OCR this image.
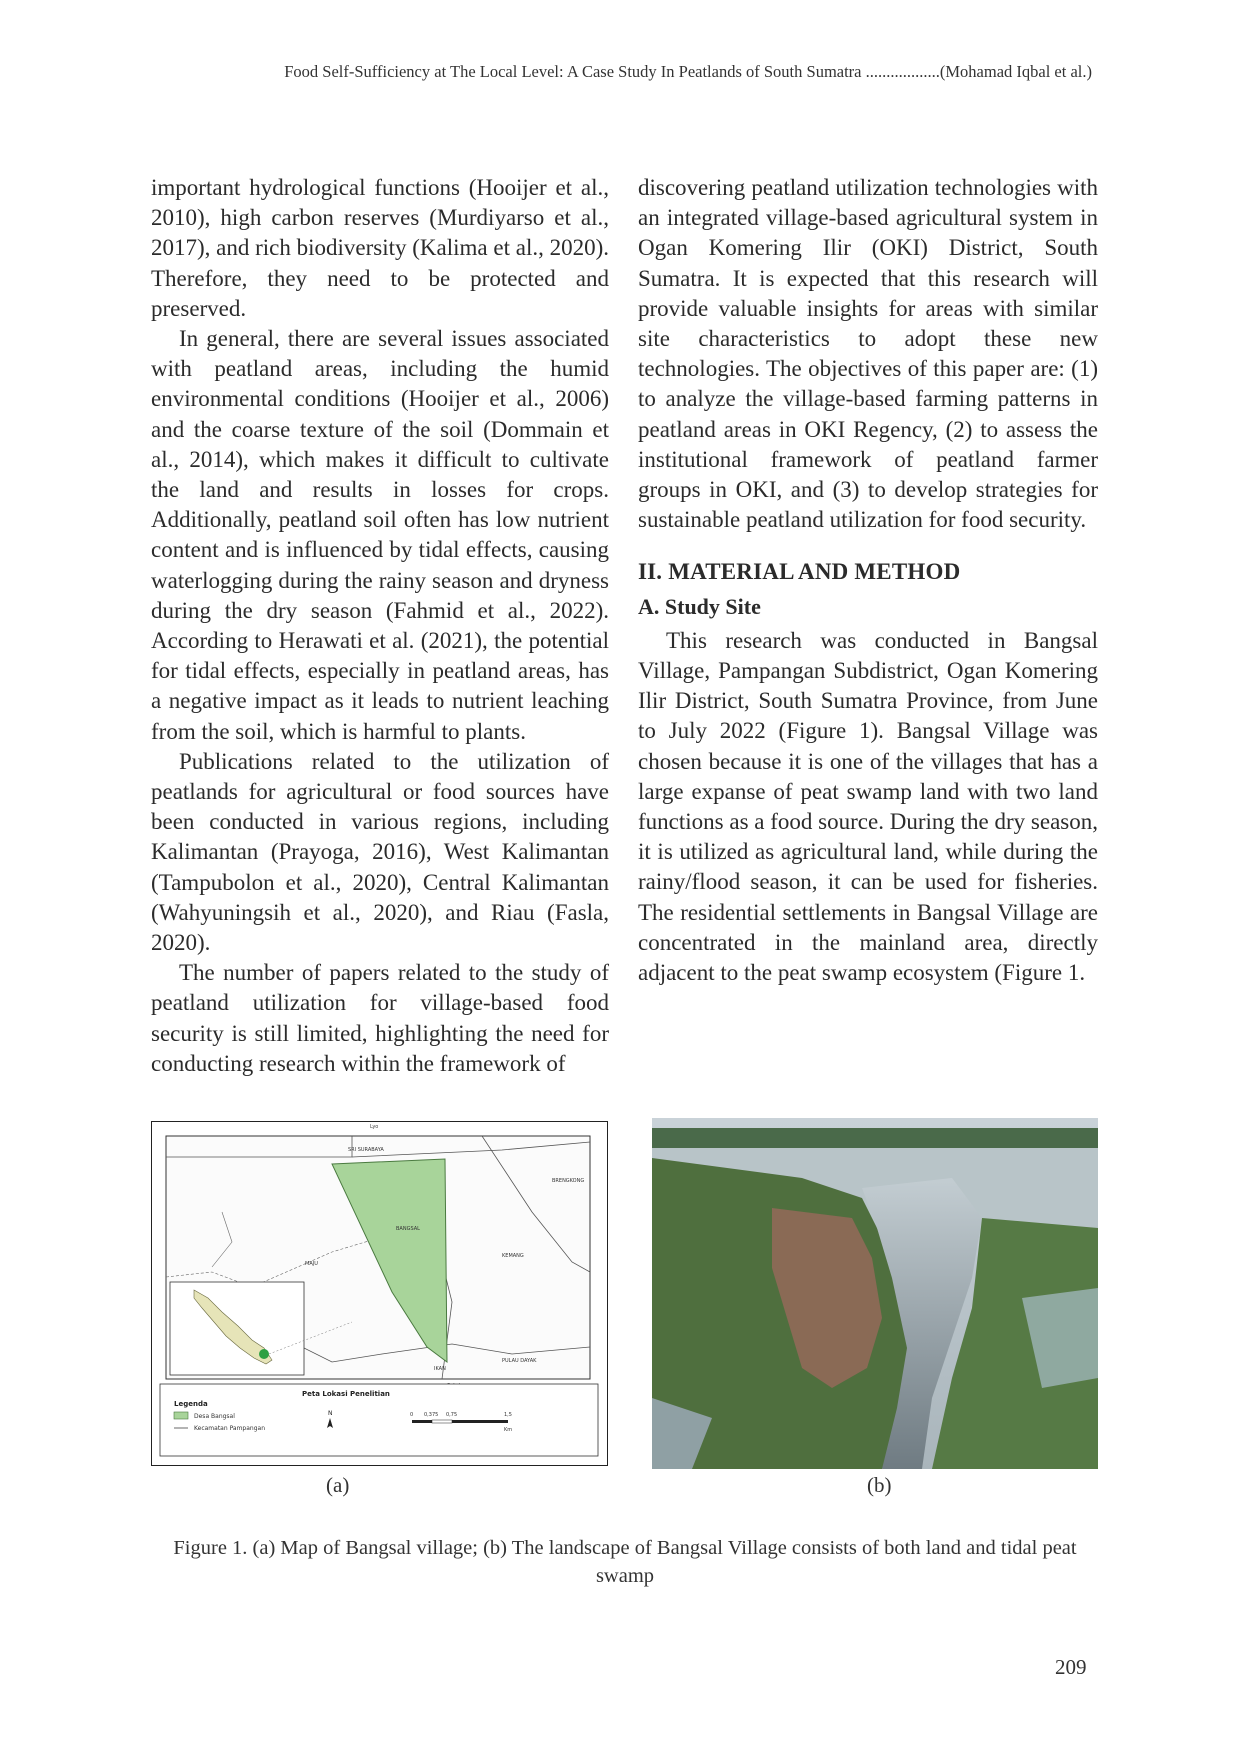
Food Self-Sufficiency at The Local Level: A Case Study In Peatlands of South Sumatra ..................(Mohamad Iqbal et al.)

important hydrological functions (Hooijer et al., 2010), high carbon reserves (Murdiyarso et al., 2017), and rich biodiversity (Kalima et al., 2020). Therefore, they need to be protected and preserved.

In general, there are several issues associated with peatland areas, including the humid environmental conditions (Hooijer et al., 2006) and the coarse texture of the soil (Dommain et al., 2014), which makes it difficult to cultivate the land and results in losses for crops. Additionally, peatland soil often has low nutrient content and is influenced by tidal effects, causing waterlogging during the rainy season and dryness during the dry season (Fahmid et al., 2022). According to Herawati et al. (2021), the potential for tidal effects, especially in peatland areas, has a negative impact as it leads to nutrient leaching from the soil, which is harmful to plants.

Publications related to the utilization of peatlands for agricultural or food sources have been conducted in various regions, including Kalimantan (Prayoga, 2016), West Kalimantan (Tampubolon et al., 2020), Central Kalimantan (Wahyuningsih et al., 2020), and Riau (Fasla, 2020).

The number of papers related to the study of peatland utilization for village-based food security is still limited, highlighting the need for conducting research within the framework of

discovering peatland utilization technologies with an integrated village-based agricultural system in Ogan Komering Ilir (OKI) District, South Sumatra. It is expected that this research will provide valuable insights for areas with similar site characteristics to adopt these new technologies. The objectives of this paper are: (1) to analyze the village-based farming patterns in peatland areas in OKI Regency, (2) to assess the institutional framework of peatland farmer groups in OKI, and (3) to develop strategies for sustainable peatland utilization for food security.

II. MATERIAL AND METHOD

A. Study Site

This research was conducted in Bangsal Village, Pampangan Subdistrict, Ogan Komering Ilir District, South Sumatra Province, from June to July 2022 (Figure 1). Bangsal Village was chosen because it is one of the villages that has a large expanse of peat swamp land with two land functions as a food source. During the dry season, it is utilized as agricultural land, while during the rainy/flood season, it can be used for fisheries. The residential settlements in Bangsal Village are concentrated in the mainland area, directly adjacent to the peat swamp ecosystem (Figure 1.

Lyo
SRI SURABAYA
BRENGKONG
BANGSAL
KEMANG
MAJU
PULAU DAYAK
IKAN
Peta Lokasi Penelitian
Legenda
Desa Bangsal
Kecamatan Pampangan
N	0 0,375 0,75	1,5
Km
(a)	(b)
Figure 1. (a) Map of Bangsal village; (b) The landscape of Bangsal Village consists of both land and tidal peat swamp
209
